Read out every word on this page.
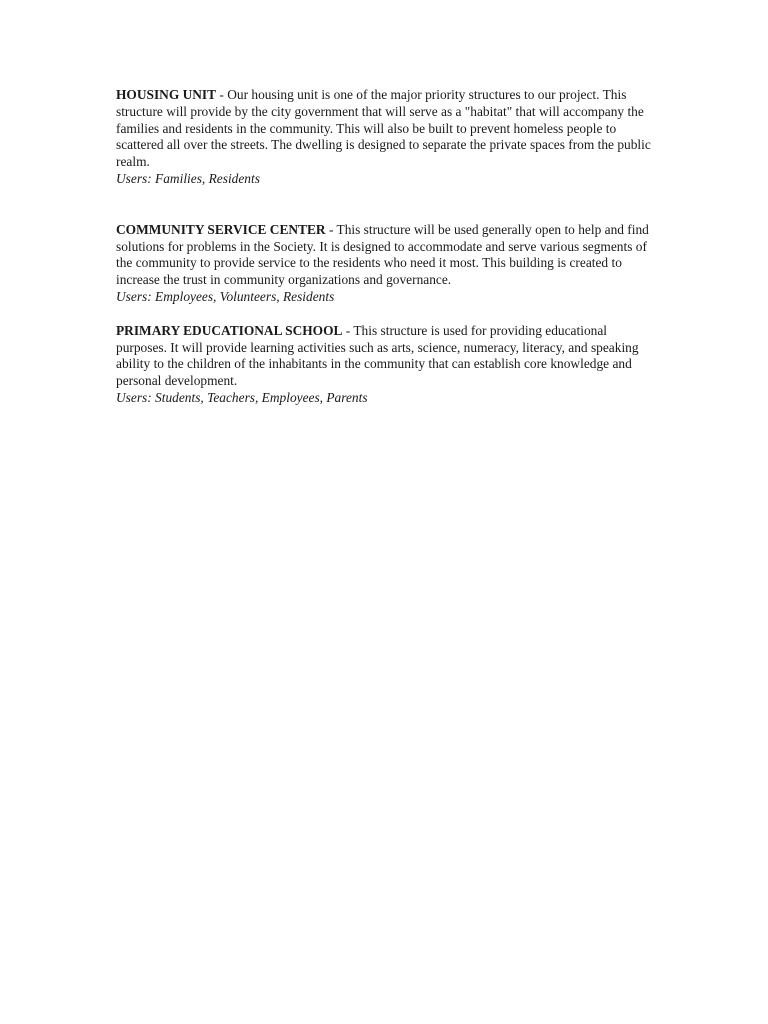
HOUSING UNIT - Our housing unit is one of the major priority structures to our project. This structure will provide by the city government that will serve as a "habitat" that will accompany the families and residents in the community. This will also be built to prevent homeless people to scattered all over the streets. The dwelling is designed to separate the private spaces from the public realm.

Users: Families, Residents

COMMUNITY SERVICE CENTER - This structure will be used generally open to help and find solutions for problems in the Society. It is designed to accommodate and serve various segments of the community to provide service to the residents who need it most. This building is created to increase the trust in community organizations and governance.

Users: Employees, Volunteers, Residents

PRIMARY EDUCATIONAL SCHOOL - This structure is used for providing educational purposes. It will provide learning activities such as arts, science, numeracy, literacy, and speaking ability to the children of the inhabitants in the community that can establish core knowledge and personal development.

Users: Students, Teachers, Employees, Parents
